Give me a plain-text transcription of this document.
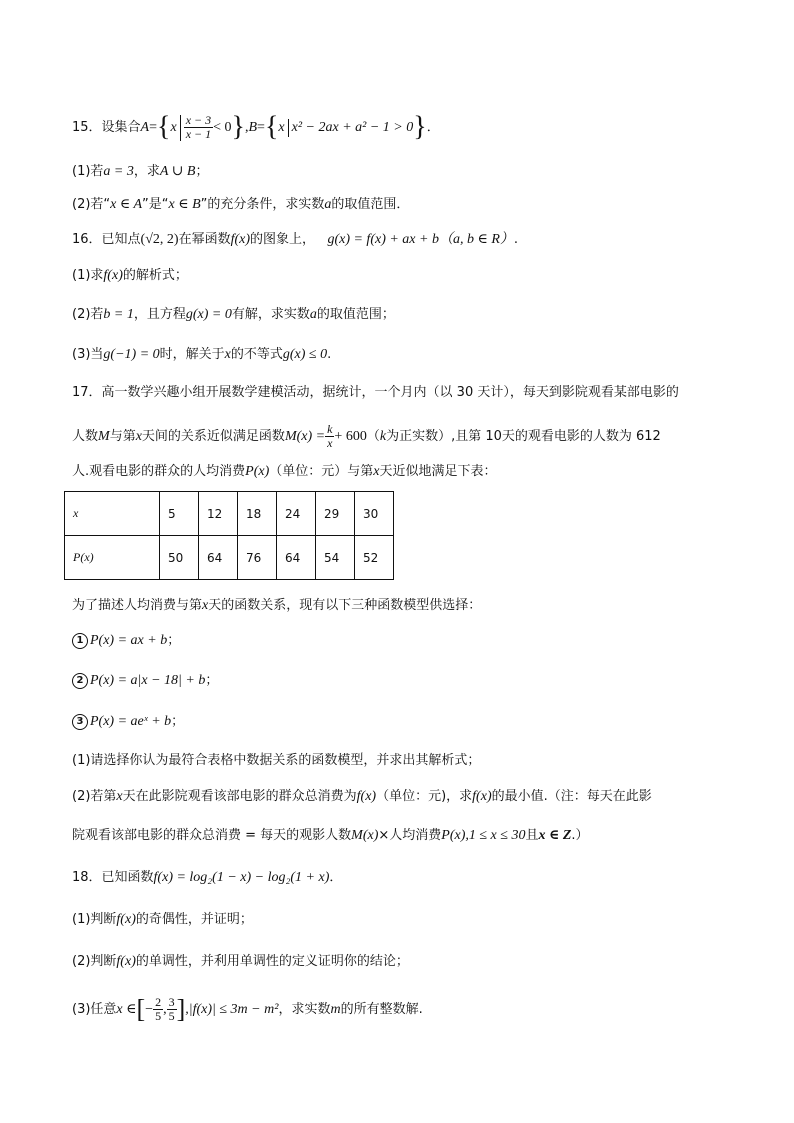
15．设集合$A=\{x \frac{x - 3}{x - 1} < 0\},B=\{x$ x² − 2ax + a² − 1 > 0}．
(1)若a = 3，求A ∪ B；
(2)若“x ∈ A”是“x ∈ B”的充分条件，求实数a的取值范围．
16．已知点(√2, 2)在幂函数f(x)的图象上， g(x) = f(x) + ax + b（a, b ∈ R）.
(1)求f(x)的解析式；
(2)若b = 1，且方程g(x) = 0有解，求实数a的取值范围；
(3)当g(−1) = 0时，解关于x的不等式g(x) ≤ 0.
17．高一数学兴趣小组开展数学建模活动，据统计，一个月内（以 30 天计），每天到影院观看某部电影的
人数M与第x天间的关系近似满足函数$M(x) = \frac{k}{x} + 600(k$为正实数）,且第 10天的观看电影的人数为 612
人.观看电影的群众的人均消费P(x)（单位：元）与第x天近似地满足下表：
x	5	12	18	24	29	30
P(x)	50	64	76	64	54	52
为了描述人均消费与第x天的函数关系，现有以下三种函数模型供选择：
1 P(x) = ax + b；
2 P(x) = a|x − 18| + b；
3 P(x) = aeˣ + b；
(1)请选择你认为最符合表格中数据关系的函数模型，并求出其解析式；
(2)若第x天在此影院观看该部电影的群众总消费为f(x)（单位：元)，求f(x)的最小值.（注：每天在此影
院观看该部电影的群众总消费 = 每天的观影人数M(x)×人均消费P(x),1 ≤ x ≤ 30且x ∈ Z.）
18．已知函数f(x) = log₂(1 − x) − log₂(1 + x)．
(1)判断f(x)的奇偶性，并证明；
(2)判断f(x)的单调性，并利用单调性的定义证明你的结论；
(3)任意x ∈[− $\frac{2}{5}$ , $\frac{3}{5} ],|f(x)| \le 3m - m^2$，求实数m的所有整数解.
